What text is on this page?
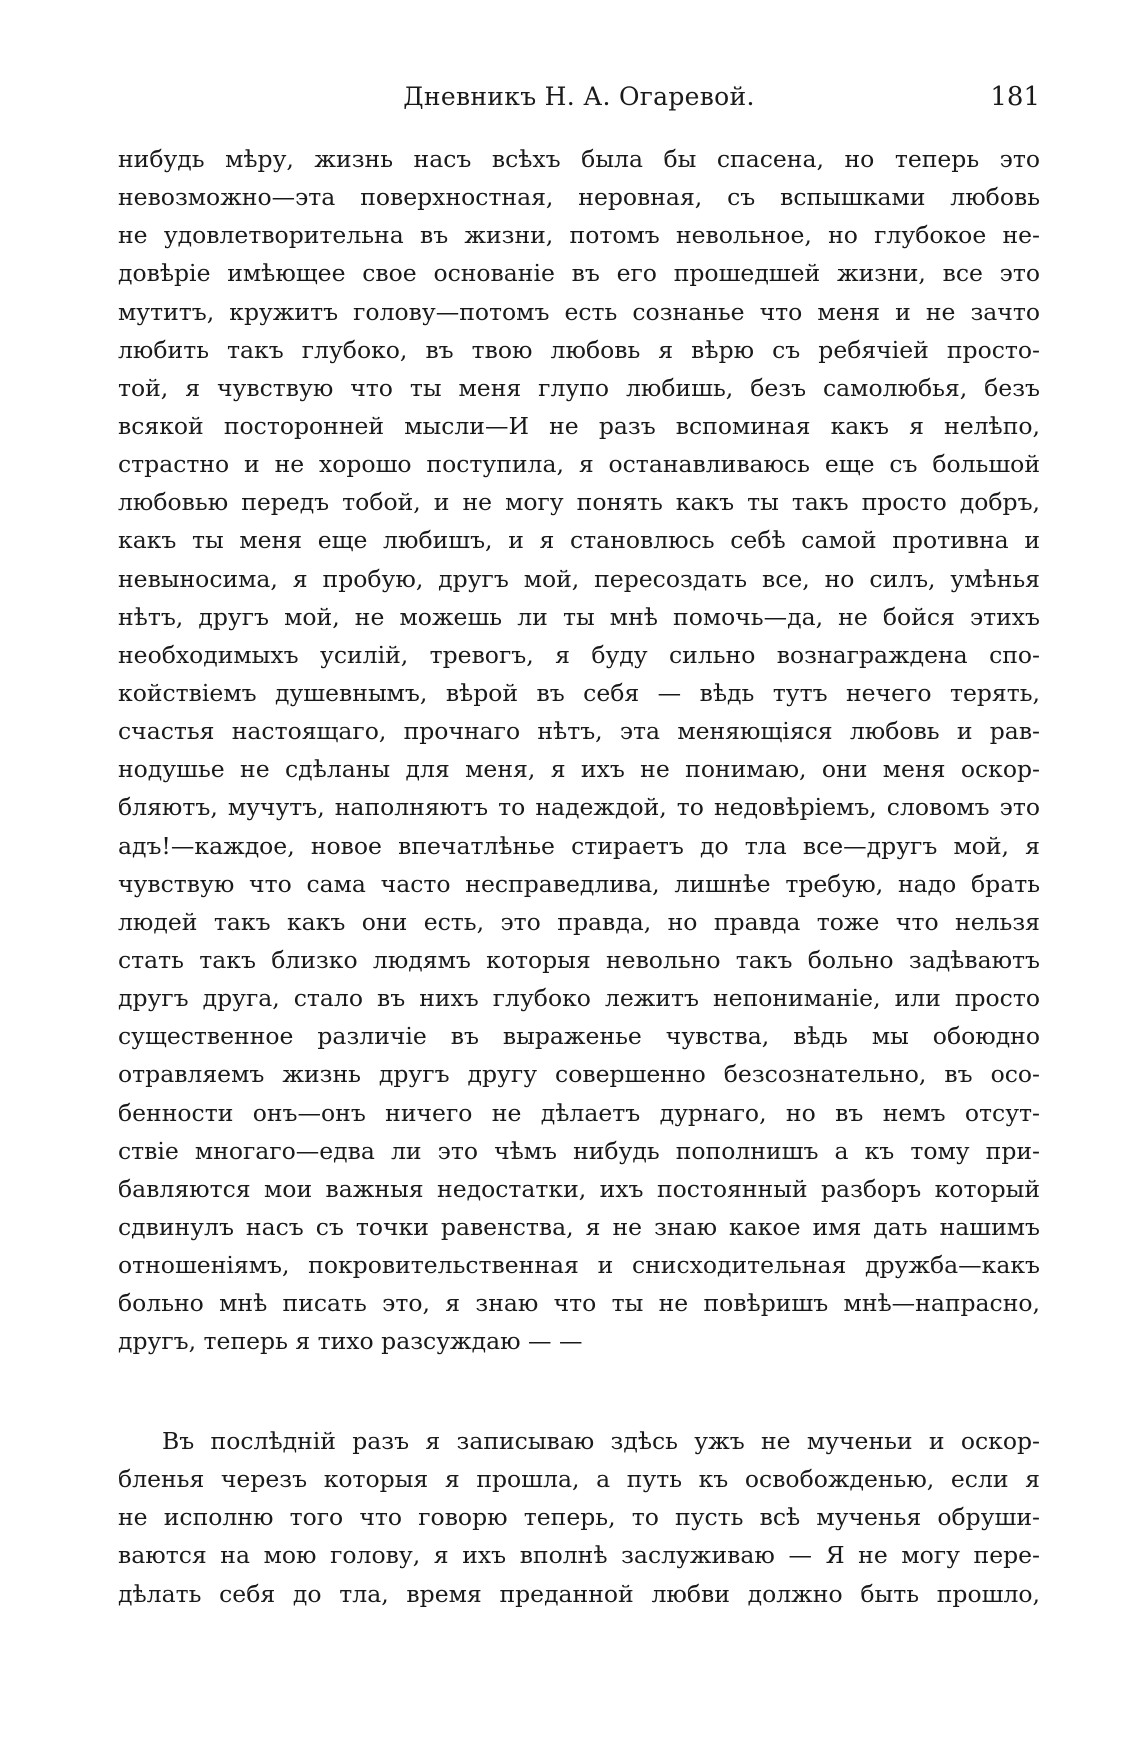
Дневникъ Н. А. Огаревой.	181
нибудь мѣру, жизнь насъ всѣхъ была бы спасена, но теперь это
невозможно—эта поверхностная, неровная, съ вспышками любовь
не удовлетворительна въ жизни, потомъ невольное, но глубокое не-
довѣріе имѣющее свое основаніе въ его прошедшей жизни, все это
мутитъ, кружитъ голову—потомъ есть сознанье что меня и не зачто
любить такъ глубоко, въ твою любовь я вѣрю съ ребячіей просто-
той, я чувствую что ты меня глупо любишь, безъ самолюбья, безъ
всякой посторонней мысли—И не разъ вспоминая какъ я нелѣпо,
страстно и не хорошо поступила, я останавливаюсь еще съ большой
любовью передъ тобой, и не могу понять какъ ты такъ просто добръ,
какъ ты меня еще любишъ, и я становлюсь себѣ самой противна и
невыносима, я пробую, другъ мой, пересоздать все, но силъ, умѣнья
нѣтъ, другъ мой, не можешь ли ты мнѣ помочь—да, не бойся этихъ
необходимыхъ усилій, тревогъ, я буду сильно вознаграждена спо-
койствіемъ душевнымъ, вѣрой въ себя — вѣдь тутъ нечего терять,
счастья настоящаго, прочнаго нѣтъ, эта меняющіяся любовь и рав-
нодушье не сдѣланы для меня, я ихъ не понимаю, они меня оскор-
бляютъ, мучутъ, наполняютъ то надеждой, то недовѣріемъ, словомъ это
адъ!—каждое, новое впечатлѣнье стираетъ до тла все—другъ мой, я
чувствую что сама часто несправедлива, лишнѣе требую, надо брать
людей такъ какъ они есть, это правда, но правда тоже что нельзя
стать такъ близко людямъ которыя невольно такъ больно задѣваютъ
другъ друга, стало въ нихъ глубоко лежитъ непониманіе, или просто
существенное различіе въ выраженье чувства, вѣдь мы обоюдно
отравляемъ жизнь другъ другу совершенно безсознательно, въ осо-
бенности онъ—онъ ничего не дѣлаетъ дурнаго, но въ немъ отсут-
ствіе многаго—едва ли это чѣмъ нибудь пополнишъ а къ тому при-
бавляются мои важныя недостатки, ихъ постоянный разборъ который
сдвинулъ насъ съ точки равенства, я не знаю какое имя дать нашимъ
отношеніямъ, покровительственная и снисходительная дружба—какъ
больно мнѣ писать это, я знаю что ты не повѣришъ мнѣ—напрасно,
другъ, теперь я тихо разсуждаю — —
Въ послѣдній разъ я записываю здѣсь ужъ не мученьи и оскор-
бленья черезъ которыя я прошла, а путь къ освобожденью, если я
не исполню того что говорю теперь, то пусть всѣ мученья обруши-
ваются на мою голову, я ихъ вполнѣ заслуживаю — Я не могу пере-
дѣлать себя до тла, время преданной любви должно быть прошло,
